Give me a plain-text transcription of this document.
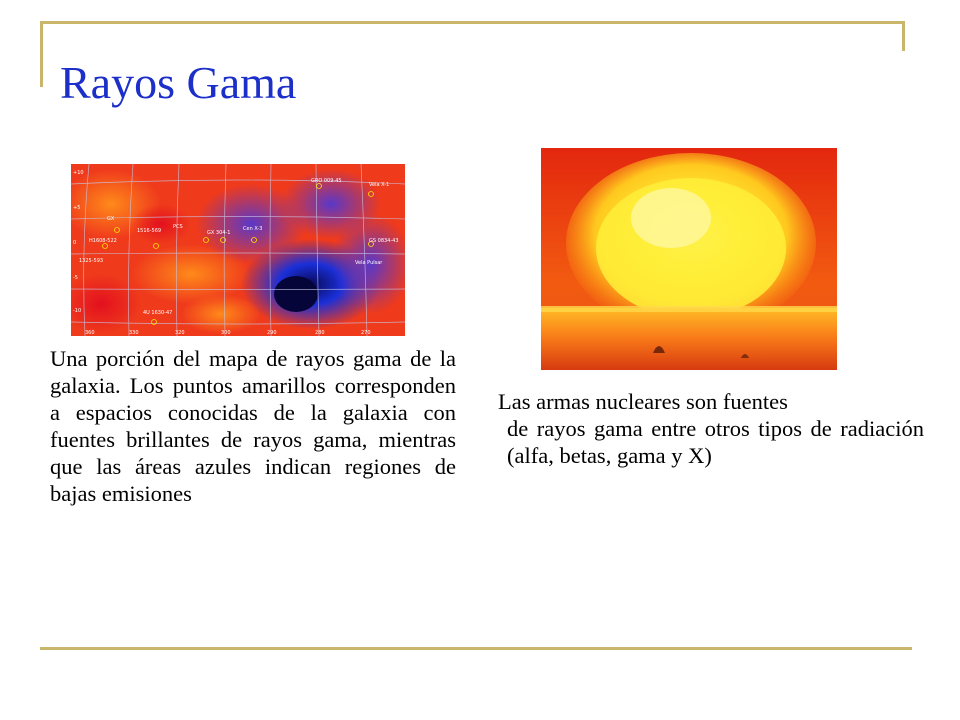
Rayos Gama
GRO 009-45
Vela X-1
GS 0834-43
Vela Pulsar
4U 1630-47
H1608-522
1516-569
PCS
GX 304-1
Cen X-3
GX
1325-593
+10
+5
0
-5
-10
360	330	320	300	290	280	270

Una porción del mapa de rayos gama de la galaxia. Los puntos amarillos corresponden a espacios conocidas de la galaxia con fuentes brillantes de rayos gama, mientras que las áreas azules indican regiones de bajas emisiones

Las armas nucleares son fuentes
de rayos gama entre otros tipos de radiación (alfa, betas, gama y X)
